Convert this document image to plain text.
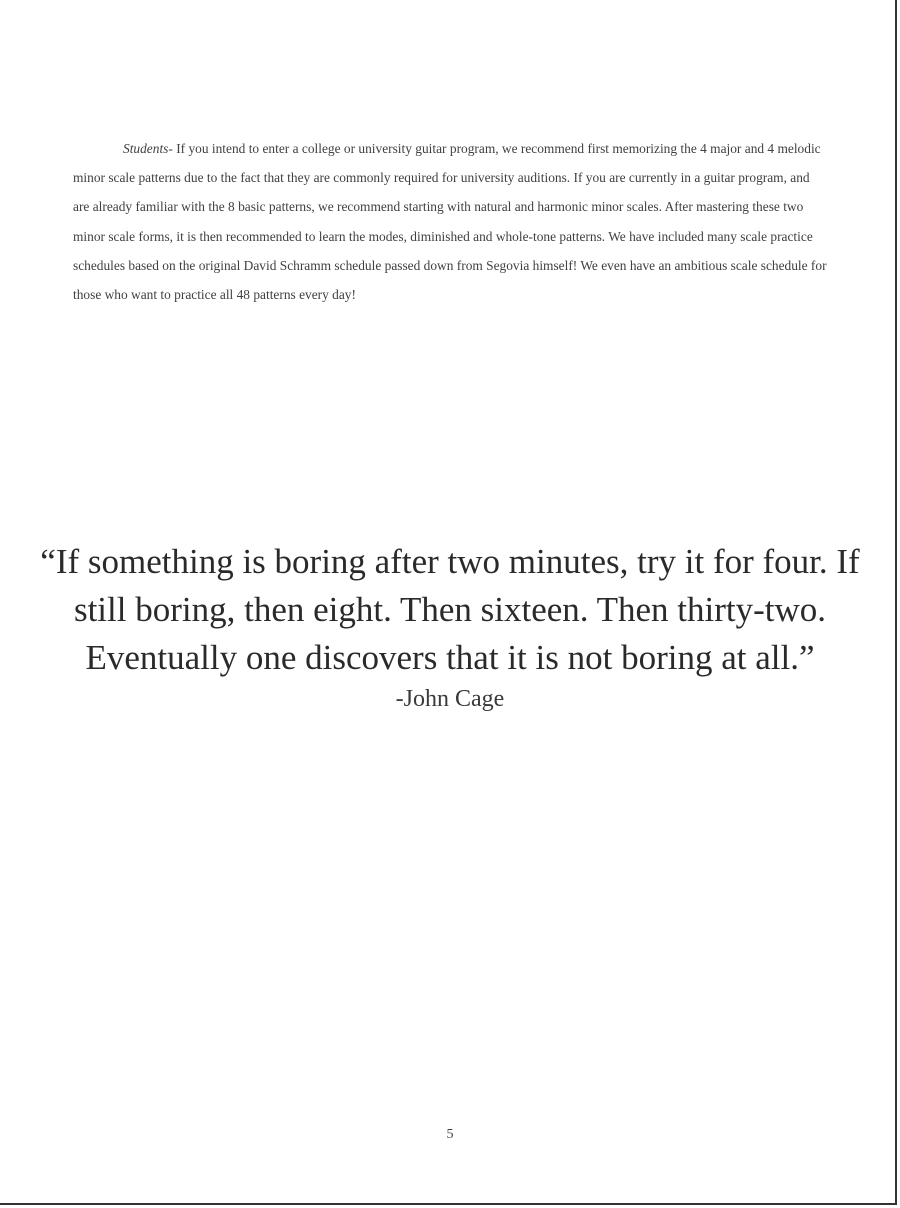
Students- If you intend to enter a college or university guitar program, we recommend first memorizing the 4 major and 4 melodic minor scale patterns due to the fact that they are commonly required for university auditions. If you are currently in a guitar program, and are already familiar with the 8 basic patterns, we recommend starting with natural and harmonic minor scales. After mastering these two minor scale forms, it is then recommended to learn the modes, diminished and whole-tone patterns. We have included many scale practice schedules based on the original David Schramm schedule passed down from Segovia himself! We even have an ambitious scale schedule for those who want to practice all 48 patterns every day!

“If something is boring after two minutes, try it for four. If still boring, then eight. Then sixteen. Then thirty-two. Eventually one discovers that it is not boring at all.”

-John Cage

5
